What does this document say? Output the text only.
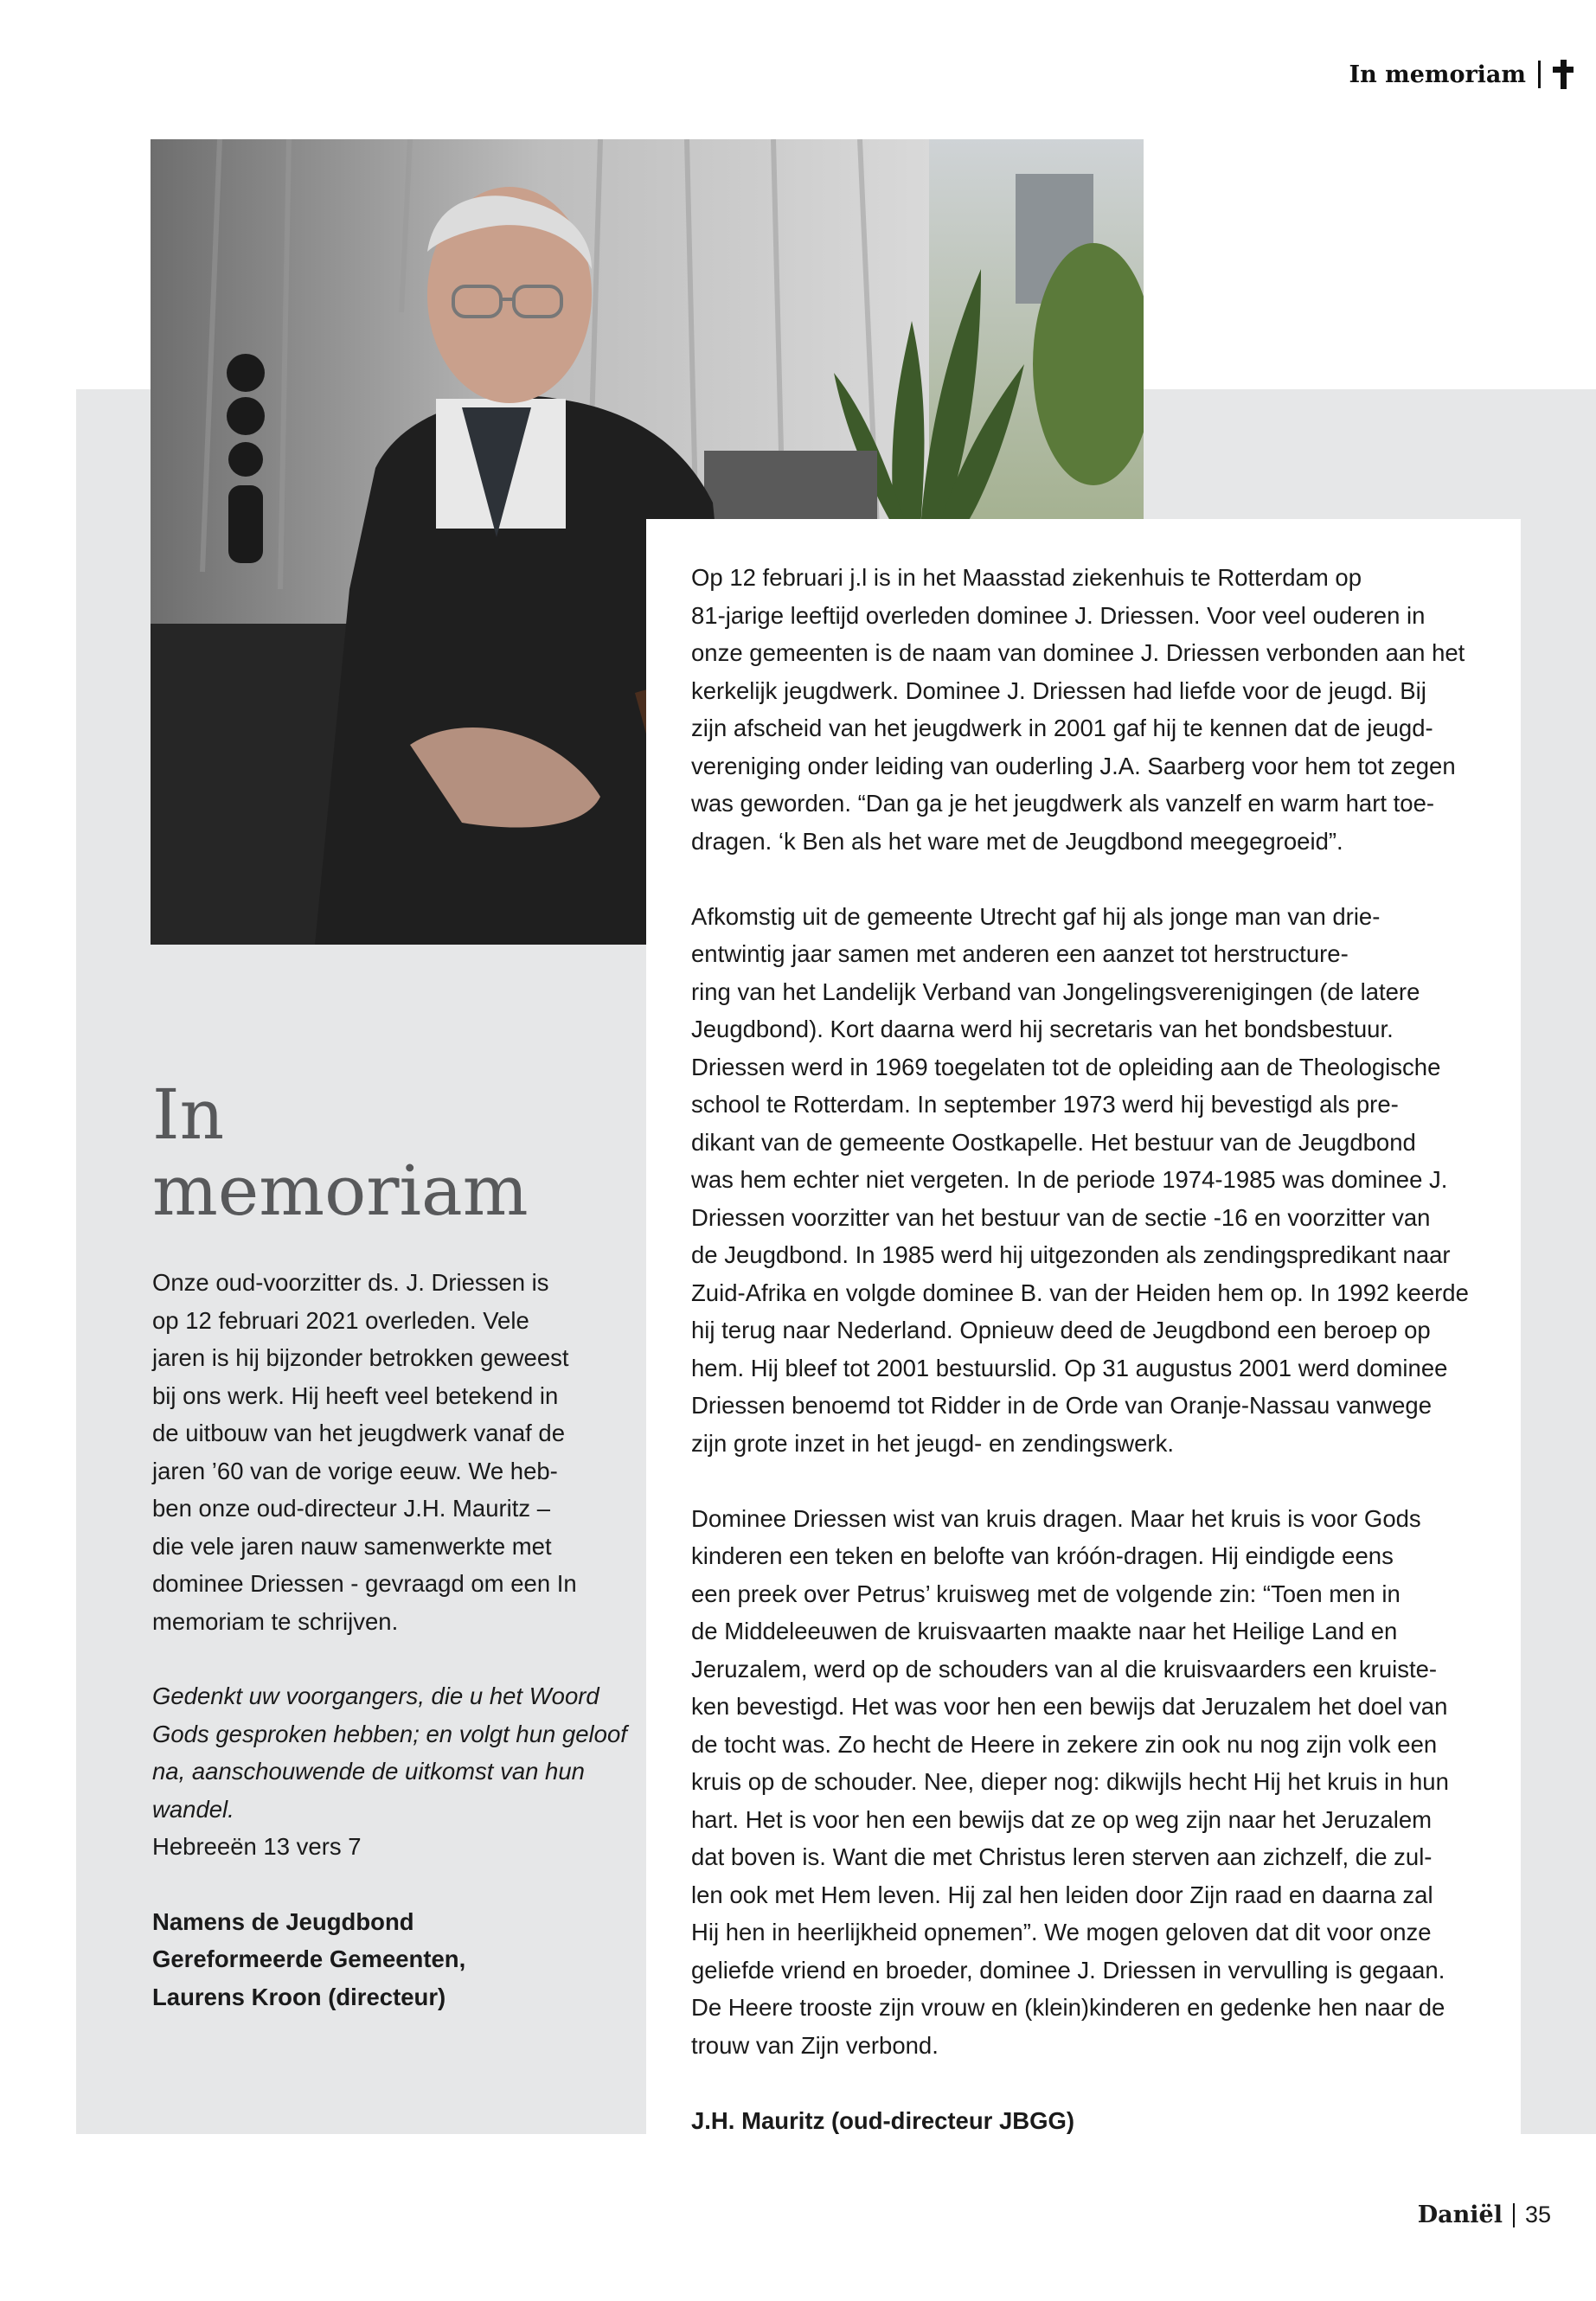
In memoriam
In memoriam

Onze oud-voorzitter ds. J. Driessen is
op 12 februari 2021 overleden. Vele
jaren is hij bijzonder betrokken geweest
bij ons werk. Hij heeft veel betekend in
de uitbouw van het jeugdwerk vanaf de
jaren ’60 van de vorige eeuw. We heb-
ben onze oud-directeur J.H. Mauritz –
die vele jaren nauw samenwerkte met
dominee Driessen - gevraagd om een In
memoriam te schrijven.

Gedenkt uw voorgangers, die u het Woord
Gods gesproken hebben; en volgt hun geloof
na, aanschouwende de uitkomst van hun
wandel.
Hebreeën 13 vers 7
Namens de Jeugdbond
Gereformeerde Gemeenten,
Laurens Kroon (directeur)

Op 12 februari j.l is in het Maasstad ziekenhuis te Rotterdam op
81-jarige leeftijd overleden dominee J. Driessen. Voor veel ouderen in
onze gemeenten is de naam van dominee J. Driessen verbonden aan het
kerkelijk jeugdwerk. Dominee J. Driessen had liefde voor de jeugd. Bij
zijn afscheid van het jeugdwerk in 2001 gaf hij te kennen dat de jeugd-
vereniging onder leiding van ouderling J.A. Saarberg voor hem tot zegen
was geworden. “Dan ga je het jeugdwerk als vanzelf en warm hart toe-
dragen. ‘k Ben als het ware met de Jeugdbond meegegroeid”.

Afkomstig uit de gemeente Utrecht gaf hij als jonge man van drie-
entwintig jaar samen met anderen een aanzet tot herstructure-
ring van het Landelijk Verband van Jongelingsverenigingen (de latere
Jeugdbond). Kort daarna werd hij secretaris van het bondsbestuur.
Driessen werd in 1969 toegelaten tot de opleiding aan de Theologische
school te Rotterdam. In september 1973 werd hij bevestigd als pre-
dikant van de gemeente Oostkapelle. Het bestuur van de Jeugdbond
was hem echter niet vergeten. In de periode 1974-1985 was dominee J.
Driessen voorzitter van het bestuur van de sectie -16 en voorzitter van
de Jeugdbond. In 1985 werd hij uitgezonden als zendingspredikant naar
Zuid-Afrika en volgde dominee B. van der Heiden hem op. In 1992 keerde
hij terug naar Nederland. Opnieuw deed de Jeugdbond een beroep op
hem. Hij bleef tot 2001 bestuurslid. Op 31 augustus 2001 werd dominee
Driessen benoemd tot Ridder in de Orde van Oranje-Nassau vanwege
zijn grote inzet in het jeugd- en zendingswerk.

Dominee Driessen wist van kruis dragen. Maar het kruis is voor Gods
kinderen een teken en belofte van króón-dragen. Hij eindigde eens
een preek over Petrus’ kruisweg met de volgende zin: “Toen men in
de Middeleeuwen de kruisvaarten maakte naar het Heilige Land en
Jeruzalem, werd op de schouders van al die kruisvaarders een kruiste-
ken bevestigd. Het was voor hen een bewijs dat Jeruzalem het doel van
de tocht was. Zo hecht de Heere in zekere zin ook nu nog zijn volk een
kruis op de schouder. Nee, dieper nog: dikwijls hecht Hij het kruis in hun
hart. Het is voor hen een bewijs dat ze op weg zijn naar het Jeruzalem
dat boven is. Want die met Christus leren sterven aan zichzelf, die zul-
len ook met Hem leven. Hij zal hen leiden door Zijn raad en daarna zal
Hij hen in heerlijkheid opnemen”. We mogen geloven dat dit voor onze
geliefde vriend en broeder, dominee J. Driessen in vervulling is gegaan.
De Heere trooste zijn vrouw en (klein)kinderen en gedenke hen naar de
trouw van Zijn verbond.

J.H. Mauritz (oud-directeur JBGG)

Daniël 35
